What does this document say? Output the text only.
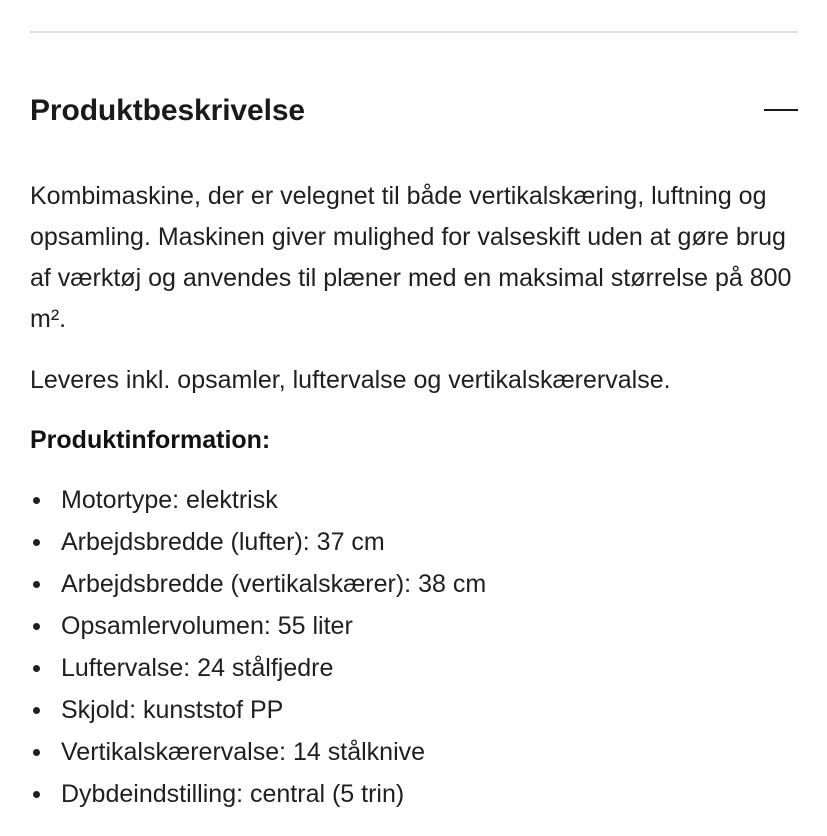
Produktbeskrivelse

Kombimaskine, der er velegnet til både vertikalskæring, luftning og opsamling. Maskinen giver mulighed for valseskift uden at gøre brug af værktøj og anvendes til plæner med en maksimal størrelse på 800 m².

Leveres inkl. opsamler, luftervalse og vertikalskærervalse.

Produktinformation:

Motortype: elektrisk
Arbejdsbredde (lufter): 37 cm
Arbejdsbredde (vertikalskærer): 38 cm
Opsamlervolumen: 55 liter
Luftervalse: 24 stålfjedre
Skjold: kunststof PP
Vertikalskærervalse: 14 stålknive
Dybdeindstilling: central (5 trin)
